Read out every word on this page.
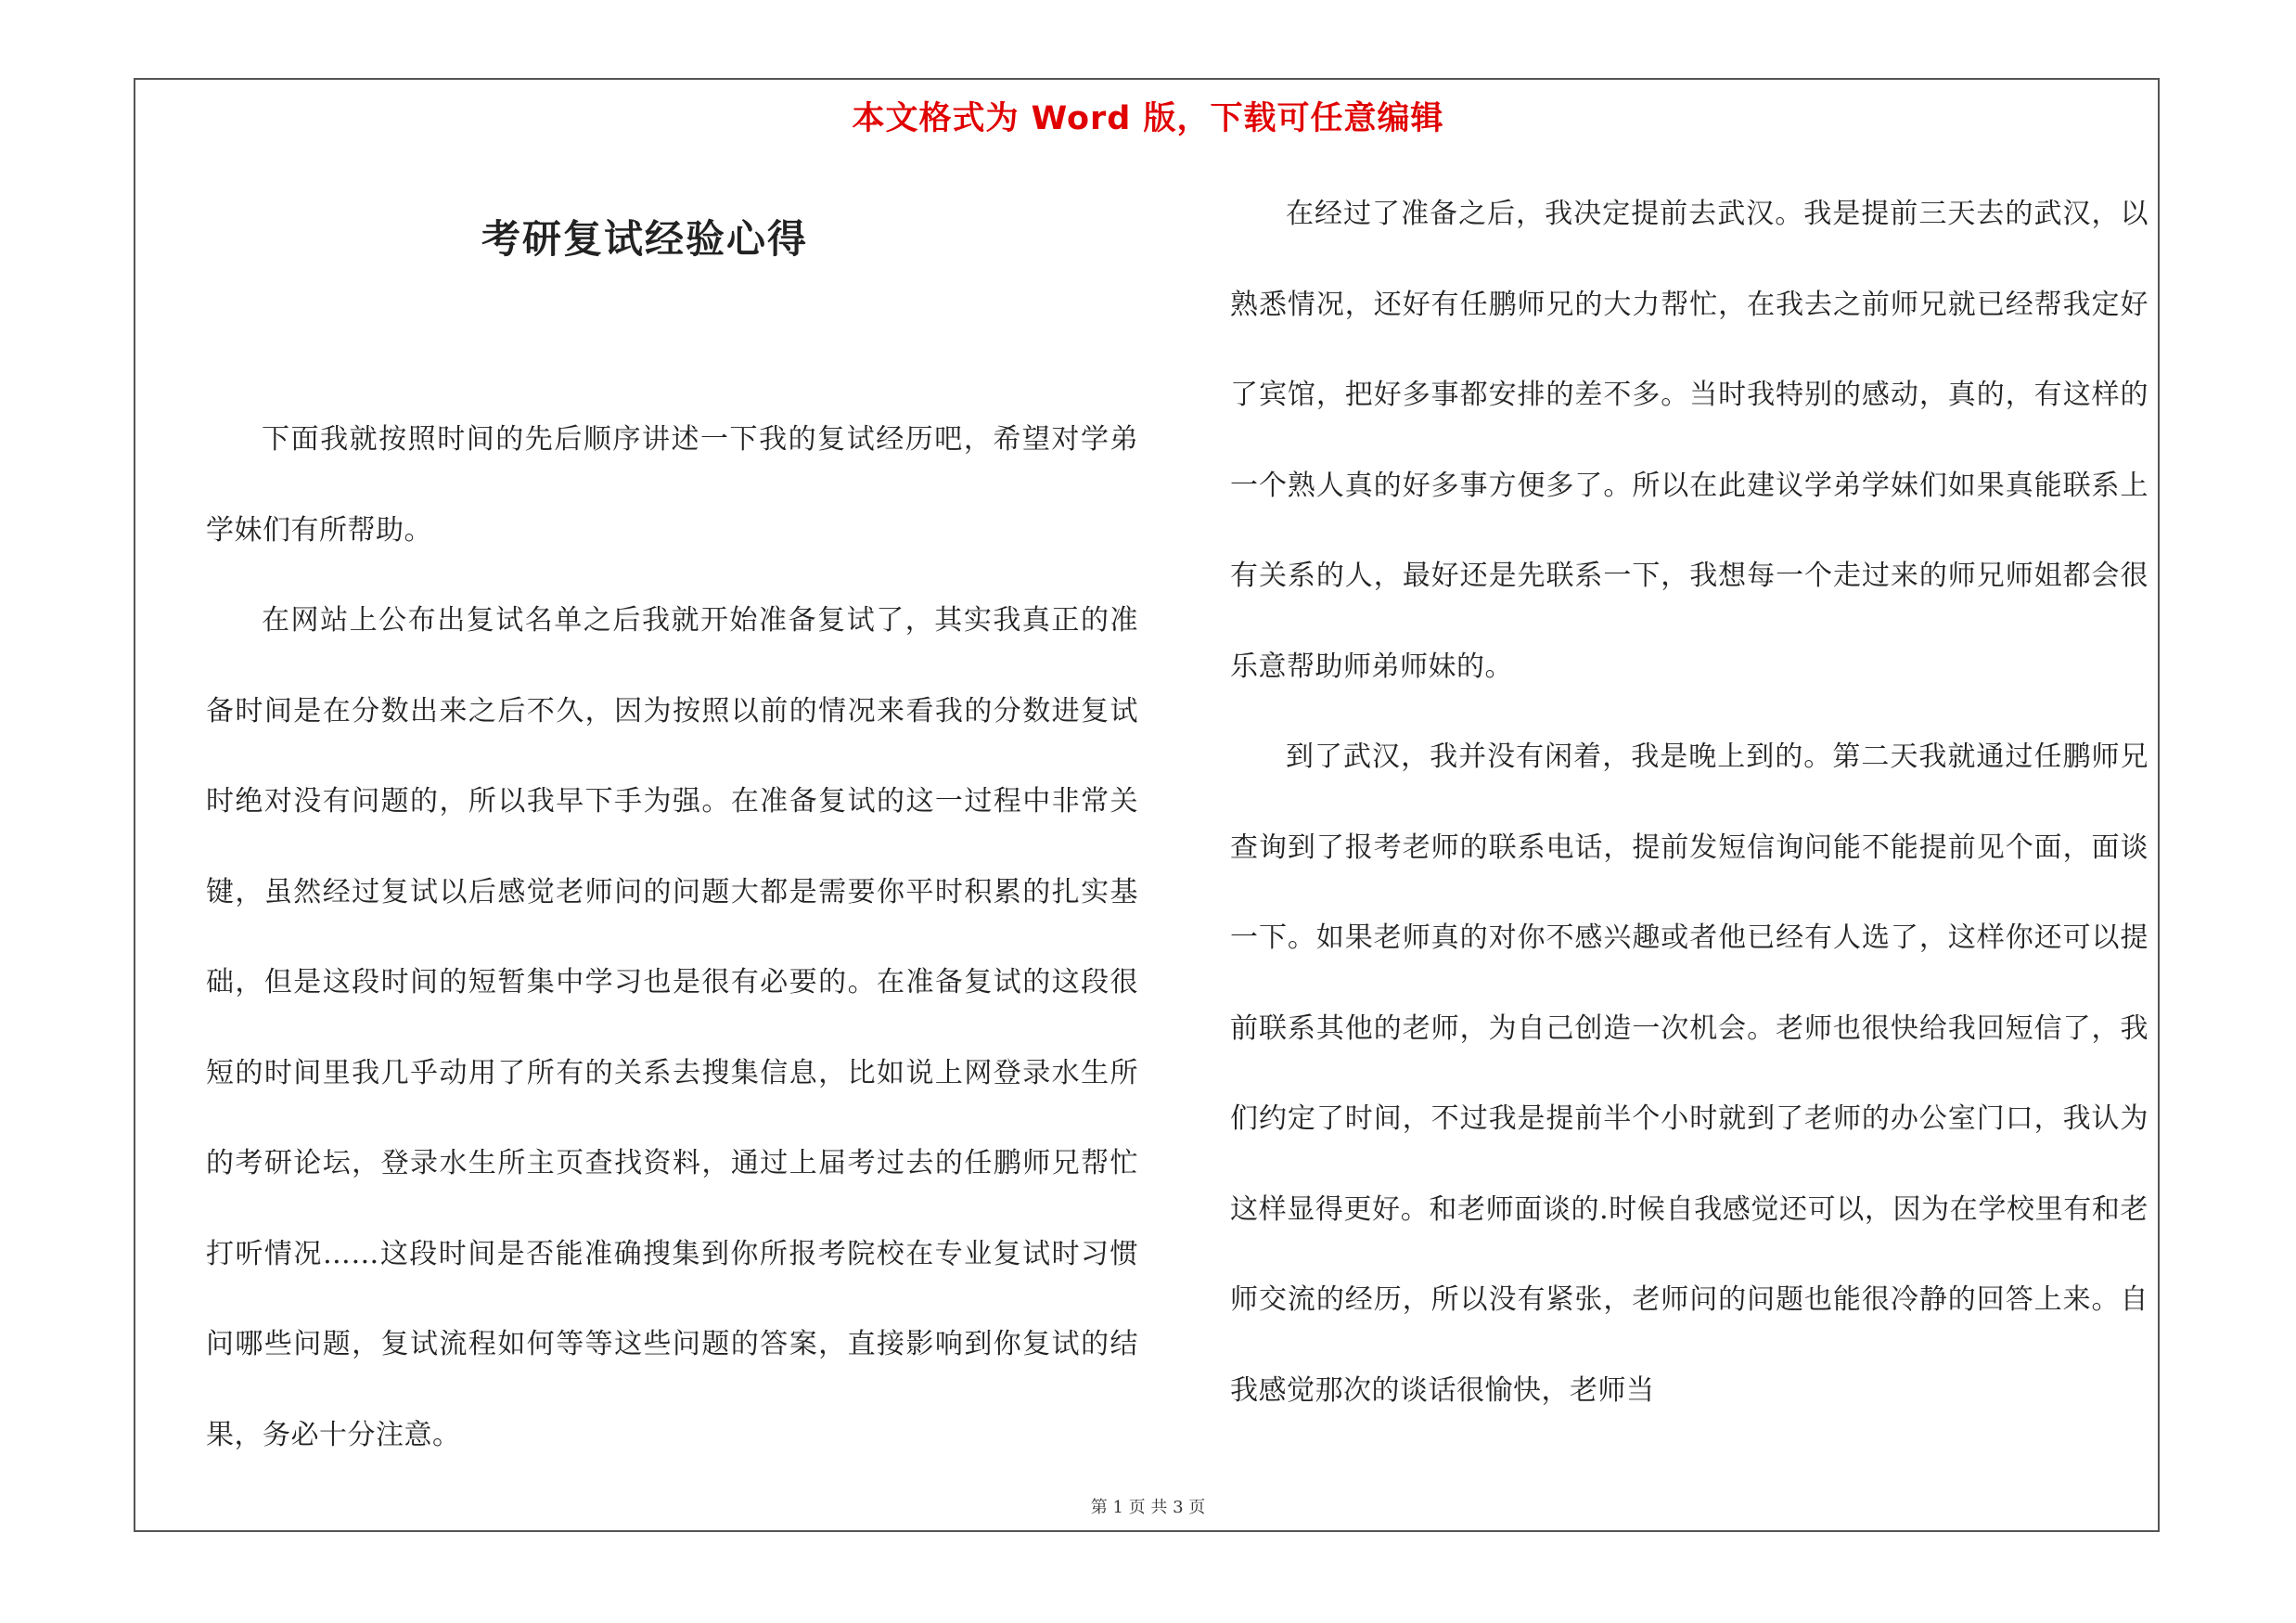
本文格式为 Word 版，下载可任意编辑
考研复试经验心得

下面我就按照时间的先后顺序讲述一下我的复试经历吧，希望对学弟学妹们有所帮助。

在网站上公布出复试名单之后我就开始准备复试了，其实我真正的准备时间是在分数出来之后不久，因为按照以前的情况来看我的分数进复试时绝对没有问题的，所以我早下手为强。在准备复试的这一过程中非常关键，虽然经过复试以后感觉老师问的问题大都是需要你平时积累的扎实基础，但是这段时间的短暂集中学习也是很有必要的。在准备复试的这段很短的时间里我几乎动用了所有的关系去搜集信息，比如说上网登录水生所的考研论坛，登录水生所主页查找资料，通过上届考过去的任鹏师兄帮忙打听情况……这段时间是否能准确搜集到你所报考院校在专业复试时习惯问哪些问题，复试流程如何等等这些问题的答案，直接影响到你复试的结果，务必十分注意。

在经过了准备之后，我决定提前去武汉。我是提前三天去的武汉，以熟悉情况，还好有任鹏师兄的大力帮忙，在我去之前师兄就已经帮我定好了宾馆，把好多事都安排的差不多。当时我特别的感动，真的，有这样的一个熟人真的好多事方便多了。所以在此建议学弟学妹们如果真能联系上有关系的人，最好还是先联系一下，我想每一个走过来的师兄师姐都会很乐意帮助师弟师妹的。

到了武汉，我并没有闲着，我是晚上到的。第二天我就通过任鹏师兄查询到了报考老师的联系电话，提前发短信询问能不能提前见个面，面谈一下。如果老师真的对你不感兴趣或者他已经有人选了，这样你还可以提前联系其他的老师，为自己创造一次机会。老师也很快给我回短信了，我们约定了时间，不过我是提前半个小时就到了老师的办公室门口，我认为这样显得更好。和老师面谈的.时候自我感觉还可以，因为在学校里有和老师交流的经历，所以没有紧张，老师问的问题也能很冷静的回答上来。自我感觉那次的谈话很愉快，老师当

第 1 页 共 3 页
